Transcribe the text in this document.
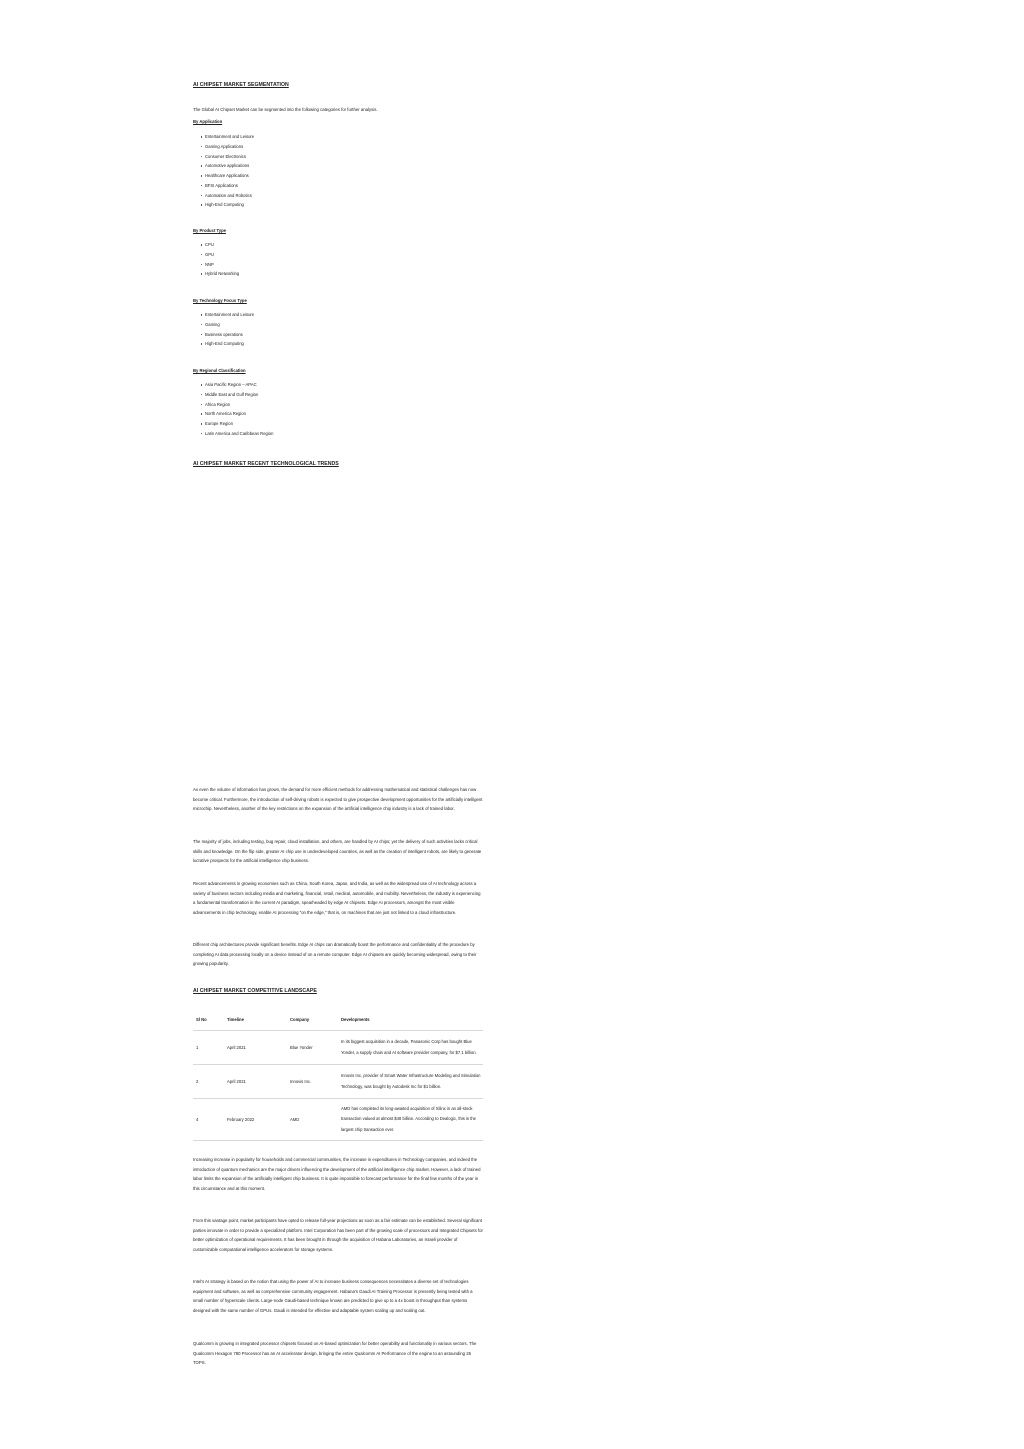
AI CHIPSET MARKET SEGMENTATION
The Global AI Chipset Market can be segmented into the following categories for further analysis.
By Application
Entertainment and Leisure
Gaming Applications
Consumer Electronics
Automotive applications
Healthcare Applications
BFSI Applications
Automation and Robotics
High-End Computing
By Product Type
CPU
GPU
NNP
Hybrid Networking
By Technology Focus Type
Entertainment and Leisure
Gaming
Business operations
High-End Computing
By Regional Classification
Asia Pacific Region – APAC
Middle East and Gulf Region
Africa Region
North America Region
Europe Region
Latin America and Caribbean Region
AI CHIPSET MARKET RECENT TECHNOLOGICAL TRENDS
As even the volume of information has grown, the demand for more efficient methods for addressing mathematical and statistical challenges has now become critical. Furthermore, the introduction of self-driving robots is expected to give prospective development opportunities for the artificially intelligent microchip. Nevertheless, another of the key restrictions on the expansion of the artificial intelligence chip industry is a lack of trained labor.
The majority of jobs, including testing, bug repair, cloud installation, and others, are handled by AI chips; yet the delivery of such activities lacks critical skills and knowledge. On the flip side, greater AI chip use in underdeveloped countries, as well as the creation of intelligent robots, are likely to generate lucrative prospects for the artificial intelligence chip business.
Recent advancements in growing economies such as China, South Korea, Japan, and India, as well as the widespread use of AI technology across a variety of business sectors including media and marketing, financial, retail, medical, automobile, and mobility. Nevertheless, the industry is experiencing a fundamental transformation in the current AI paradigm, spearheaded by edge AI chipsets. Edge AI processors, amongst the most visible advancements in chip technology, enable AI processing “on the edge,” that is, on machines that are just not linked to a cloud infrastructure.
Different chip architectures provide significant benefits. Edge AI chips can dramatically boost the performance and confidentiality of the procedure by completing AI data processing locally on a device instead of on a remote computer. Edge AI chipsets are quickly becoming widespread, owing to their growing popularity.
AI CHIPSET MARKET COMPETITIVE LANDSCAPE
Sl No	Timeline	Company	Developments
1	April 2021	Blue Yonder	In its biggest acquisition in a decade, Panasonic Corp has bought Blue Yonder, a supply chain and AI software provider company, for $7.1 billion.
2	April 2021	Innovis Inc.	Innovis Inc, provider of Smart Water Infrastructure Modeling and Simulation Technology, was bought by Autodesk Inc for $1 billion.
4	February 2022	AMD	AMD has completed its long-awaited acquisition of Xilinx in an all-stock transaction valued at almost $48 billion. According to Dealogic, this is the largest chip transaction ever.
Increasing increase in popularity for households and commercial communities, the increase in expenditures in Technology companies, and indeed the introduction of quantum mechanics are the major drivers influencing the development of the artificial intelligence chip market. However, a lack of trained labor limits the expansion of the artificially intelligent chip business. It is quite impossible to forecast performance for the final few months of the year in this circumstance and at this moment.
From this vantage point, market participants have opted to release full-year projections as soon as a fair estimate can be established. Several significant parties innovate in order to provide a specialized platform. Intel Corporation has been part of the growing scale of processors and Integrated Chipsets for better optimization of operational requirements. It has been brought in through the acquisition of Habana Laboratories, an Israeli provider of customizable computational intelligence accelerators for storage systems.
Intel's AI strategy is based on the notion that using the power of AI to increase business consequences necessitates a diverse set of technologies equipment and software, as well as comprehensive community engagement. Habana's Gaudi AI Training Processor is presently being tested with a small number of hyperscale clients. Large-node Gaudi-based technique known are predicted to give up to a 4x boost in throughput than systems designed with the same number of GPUs. Gaudi is intended for effective and adaptable system scaling up and scaling out.
Qualcomm is growing in integrated processor chipsets focused on AI-based optimization for better operability and functionality in various sectors. The Qualcomm Hexagon 780 Processor has an AI accelerator design, bringing the entire Qualcomm AI Performance of the engine to an astounding 26 TOPS.
